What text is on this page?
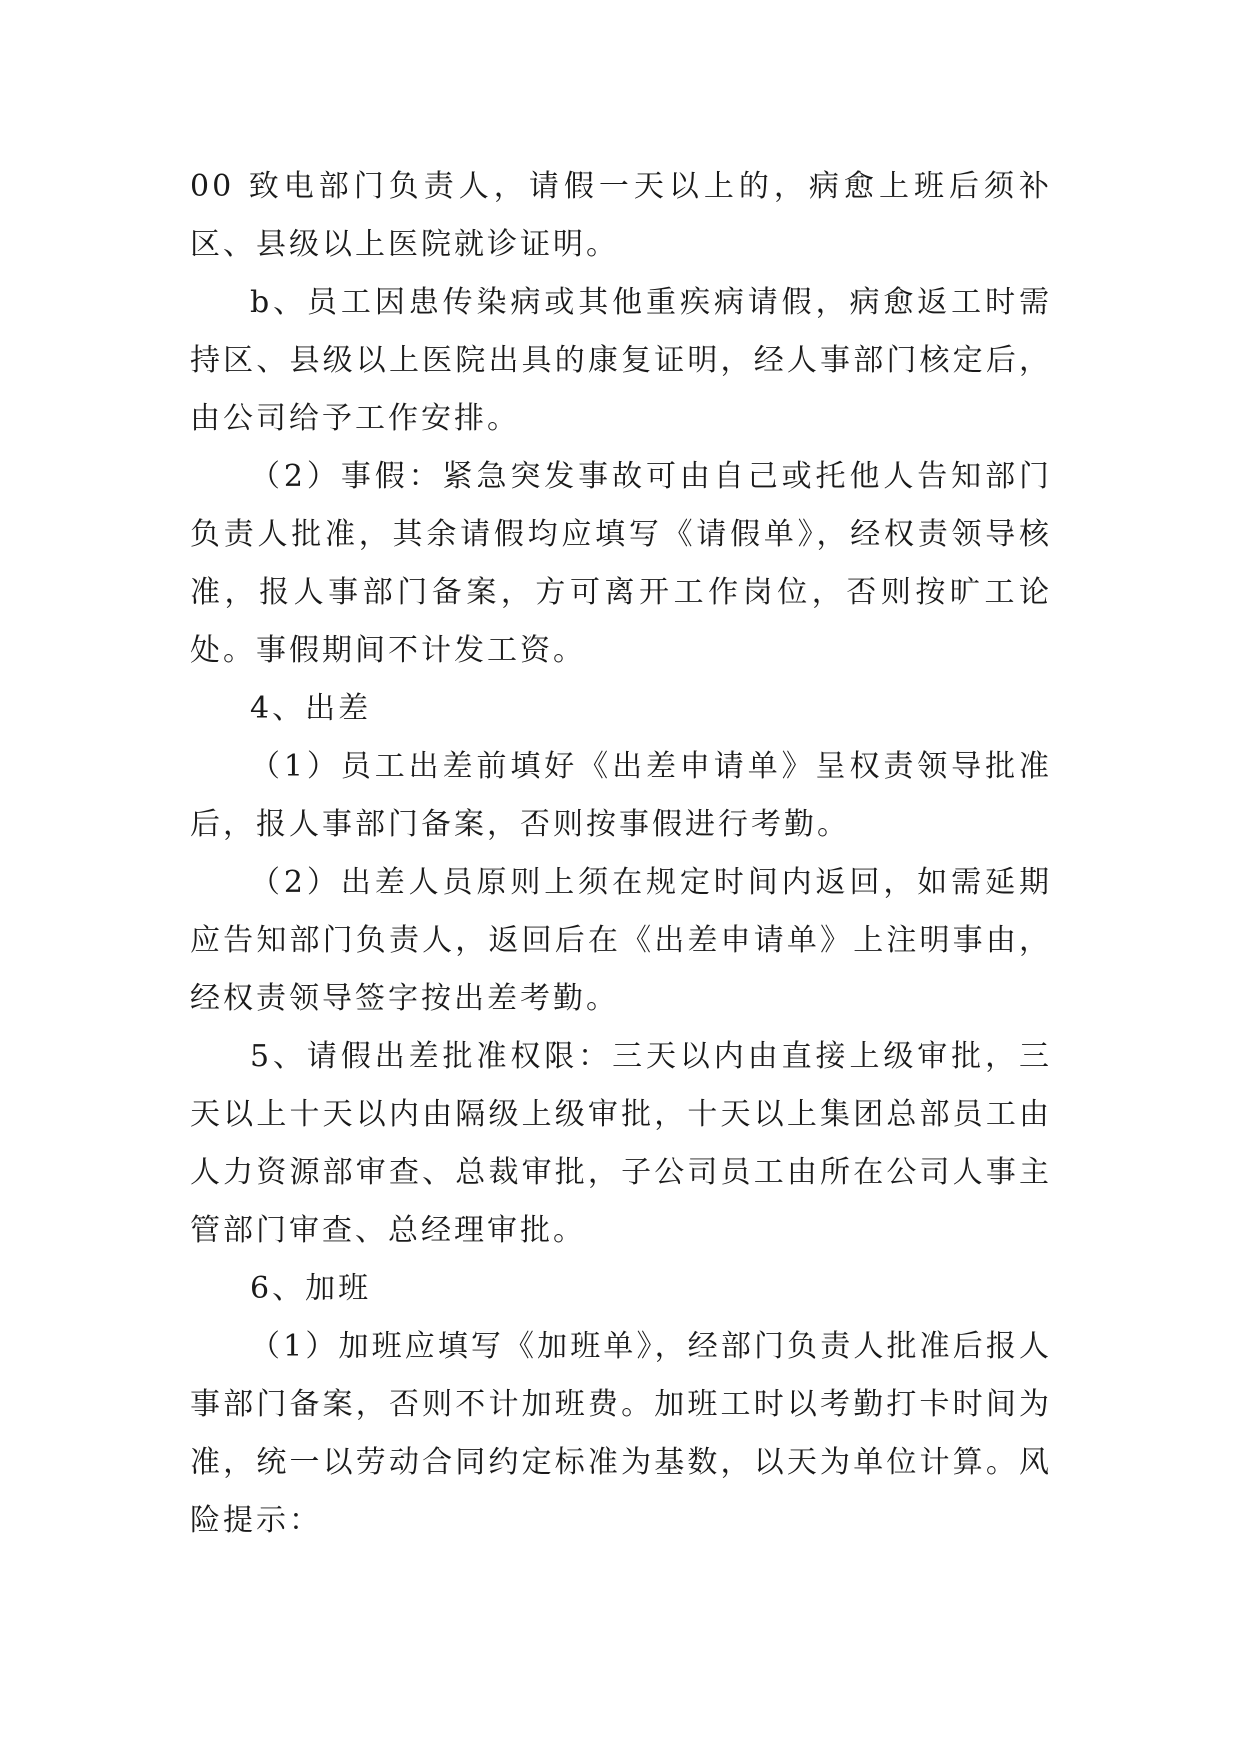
00 致电部门负责人，请假一天以上的，病愈上班后须补区、县级以上医院就诊证明。

b、员工因患传染病或其他重疾病请假，病愈返工时需持区、县级以上医院出具的康复证明，经人事部门核定后，由公司给予工作安排。

（2）事假：紧急突发事故可由自己或托他人告知部门负责人批准，其余请假均应填写《请假单》，经权责领导核准，报人事部门备案，方可离开工作岗位，否则按旷工论处。事假期间不计发工资。

4、出差

（1）员工出差前填好《出差申请单》呈权责领导批准后，报人事部门备案，否则按事假进行考勤。

（2）出差人员原则上须在规定时间内返回，如需延期应告知部门负责人，返回后在《出差申请单》上注明事由，经权责领导签字按出差考勤。

5、请假出差批准权限：三天以内由直接上级审批，三天以上十天以内由隔级上级审批，十天以上集团总部员工由人力资源部审查、总裁审批，子公司员工由所在公司人事主管部门审查、总经理审批。

6、加班

（1）加班应填写《加班单》，经部门负责人批准后报人事部门备案，否则不计加班费。加班工时以考勤打卡时间为准，统一以劳动合同约定标准为基数，以天为单位计算。风险提示：
